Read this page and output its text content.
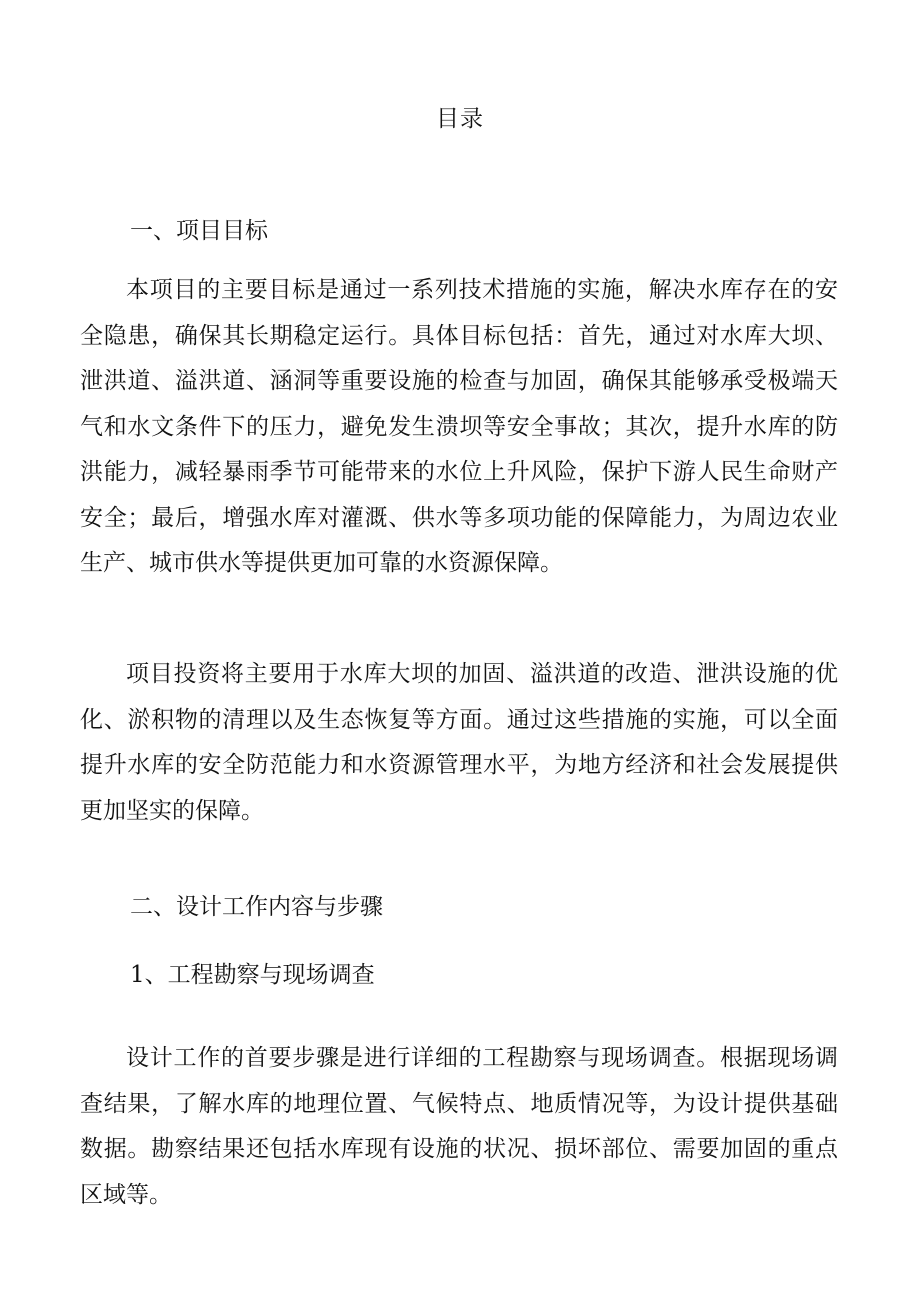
目录
一、项目目标
本项目的主要目标是通过一系列技术措施的实施，解决水库存在的安全隐患，确保其长期稳定运行。具体目标包括：首先，通过对水库大坝、泄洪道、溢洪道、涵洞等重要设施的检查与加固，确保其能够承受极端天气和水文条件下的压力，避免发生溃坝等安全事故；其次，提升水库的防洪能力，减轻暴雨季节可能带来的水位上升风险，保护下游人民生命财产安全；最后，增强水库对灌溉、供水等多项功能的保障能力，为周边农业生产、城市供水等提供更加可靠的水资源保障。
项目投资将主要用于水库大坝的加固、溢洪道的改造、泄洪设施的优化、淤积物的清理以及生态恢复等方面。通过这些措施的实施，可以全面提升水库的安全防范能力和水资源管理水平，为地方经济和社会发展提供更加坚实的保障。
二、设计工作内容与步骤
1、工程勘察与现场调查
设计工作的首要步骤是进行详细的工程勘察与现场调查。根据现场调查结果，了解水库的地理位置、气候特点、地质情况等，为设计提供基础数据。勘察结果还包括水库现有设施的状况、损坏部位、需要加固的重点区域等。
